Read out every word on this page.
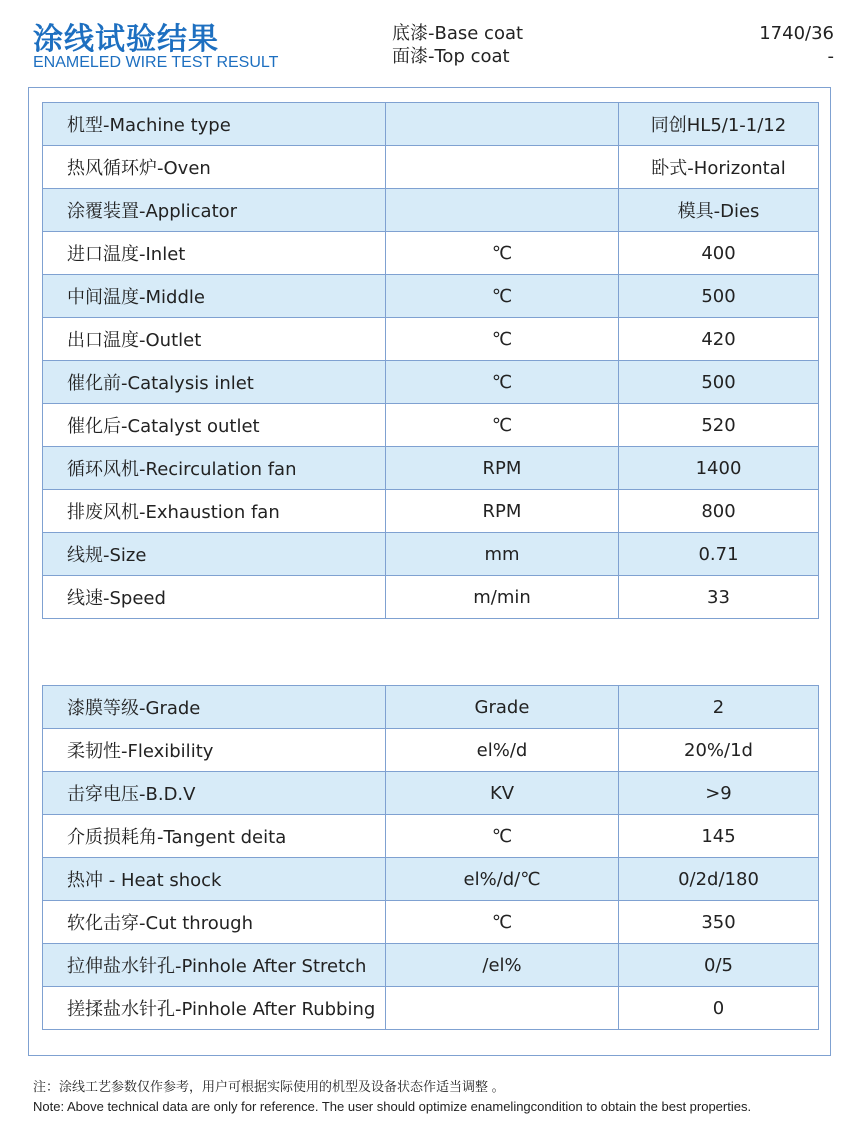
涂线试验结果
ENAMELED WIRE TEST RESULT
底漆-Base coat
面漆-Top coat
1740/36
-
机型-Machine type		同创HL5/1-1/12
热风循环炉-Oven		卧式-Horizontal
涂覆装置-Applicator		模具-Dies
进口温度-Inlet	℃	400
中间温度-Middle	℃	500
出口温度-Outlet	℃	420
催化前-Catalysis inlet	℃	500
催化后-Catalyst outlet	℃	520
循环风机-Recirculation fan	RPM	1400
排废风机-Exhaustion fan	RPM	800
线规-Size	mm	0.71
线速-Speed	m/min	33
漆膜等级-Grade	Grade	2
柔韧性-Flexibility	el%/d	20%/1d
击穿电压-B.D.V	KV	>9
介质损耗角-Tangent deita	℃	145
热冲 - Heat shock	el%/d/℃	0/2d/180
软化击穿-Cut through	℃	350
拉伸盐水针孔-Pinhole After Stretch	/el%	0/5
搓揉盐水针孔-Pinhole After Rubbing		0
注：涂线工艺参数仅作参考，用户可根据实际使用的机型及设备状态作适当调整 。
Note: Above technical data are only for reference. The user should optimize enamelingcondition to obtain the best properties.
